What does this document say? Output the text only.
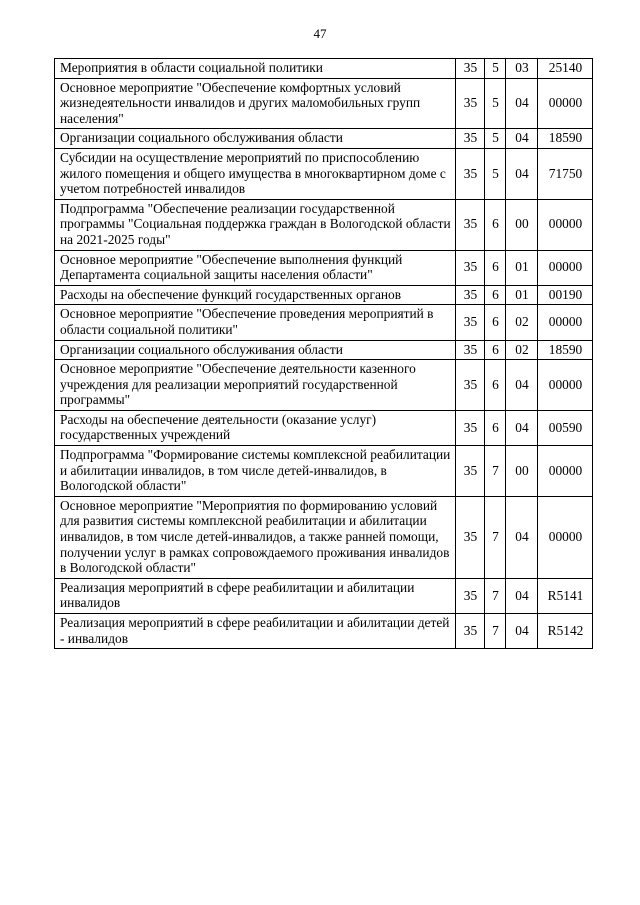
47
Мероприятия в области социальной политики	35	5	03	25140
Основное мероприятие "Обеспечение комфортных условий жизнедеятельности инвалидов и других маломобильных групп населения"	35	5	04	00000
Организации социального обслуживания области	35	5	04	18590
Субсидии на осуществление мероприятий по приспособлению жилого помещения и общего имущества в многоквартирном доме с учетом потребностей инвалидов	35	5	04	71750
Подпрограмма "Обеспечение реализации государственной программы "Социальная поддержка граждан в Вологодской области на 2021-2025 годы"	35	6	00	00000
Основное мероприятие "Обеспечение выполнения функций Департамента социальной защиты населения области"	35	6	01	00000
Расходы на обеспечение функций государственных органов	35	6	01	00190
Основное мероприятие "Обеспечение проведения мероприятий в области социальной политики"	35	6	02	00000
Организации социального обслуживания области	35	6	02	18590
Основное мероприятие "Обеспечение деятельности казенного учреждения для реализации мероприятий государственной программы"	35	6	04	00000
Расходы на обеспечение деятельности (оказание услуг) государственных учреждений	35	6	04	00590
Подпрограмма "Формирование системы комплексной реабилитации и абилитации инвалидов, в том числе детей-инвалидов, в Вологодской области"	35	7	00	00000
Основное мероприятие "Мероприятия по формированию условий для развития системы комплексной реабилитации и абилитации инвалидов, в том числе детей-инвалидов, а также ранней помощи, получении услуг в рамках сопровождаемого проживания инвалидов в Вологодской области"	35	7	04	00000
Реализация мероприятий в сфере реабилитации и абилитации инвалидов	35	7	04	R5141
Реализация мероприятий в сфере реабилитации и абилитации детей - инвалидов	35	7	04	R5142
